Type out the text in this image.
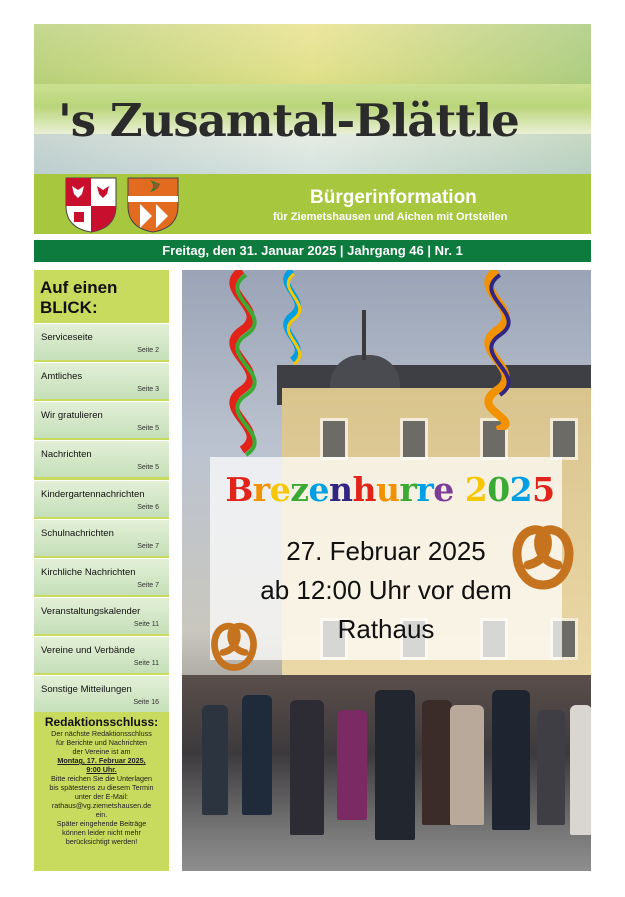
's Zusamtal-Blättle
Bürgerinformation
für Ziemetshausen und Aichen mit Ortsteilen
Freitag, den 31. Januar 2025 | Jahrgang 46 | Nr. 1
Auf einen
BLICK:
Serviceseite
Seite 2
Amtliches
Seite 3
Wir gratulieren
Seite 5
Nachrichten
Seite 5
Kindergartennachrichten
Seite 6
Schulnachrichten
Seite 7
Kirchliche Nachrichten
Seite 7
Veranstaltungskalender
Seite 11
Vereine und Verbände
Seite 11
Sonstige Mitteilungen
Seite 16
Redaktionsschluss:
Der nächste Redaktionsschluss
für Berichte und Nachrichten
der Vereine ist am
Montag, 17. Februar 2025,
9:00 Uhr.
Bitte reichen Sie die Unterlagen
bis spätestens zu diesem Termin
unter der E-Mail:
rathaus@vg.ziemetshausen.de
ein.
Später eingehende Beiträge
können leider nicht mehr
berücksichtigt werden!
Brezenhurre 2025
27. Februar 2025
ab 12:00 Uhr vor dem
Rathaus
